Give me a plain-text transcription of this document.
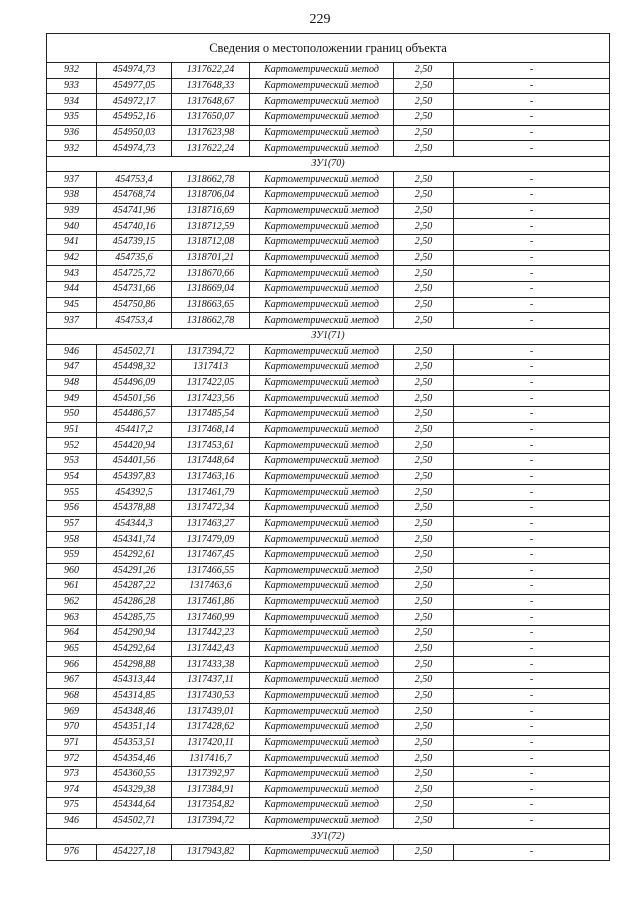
229
Сведения о местоположении границ объекта					
932	454974,73	1317622,24	Картометрический метод	2,50	-
933	454977,05	1317648,33	Картометрический метод	2,50	-
934	454972,17	1317648,67	Картометрический метод	2,50	-
935	454952,16	1317650,07	Картометрический метод	2,50	-
936	454950,03	1317623,98	Картометрический метод	2,50	-
932	454974,73	1317622,24	Картометрический метод	2,50	-
ЗУ1(70)					
937	454753,4	1318662,78	Картометрический метод	2,50	-
938	454768,74	1318706,04	Картометрический метод	2,50	-
939	454741,96	1318716,69	Картометрический метод	2,50	-
940	454740,16	1318712,59	Картометрический метод	2,50	-
941	454739,15	1318712,08	Картометрический метод	2,50	-
942	454735,6	1318701,21	Картометрический метод	2,50	-
943	454725,72	1318670,66	Картометрический метод	2,50	-
944	454731,66	1318669,04	Картометрический метод	2,50	-
945	454750,86	1318663,65	Картометрический метод	2,50	-
937	454753,4	1318662,78	Картометрический метод	2,50	-
ЗУ1(71)					
946	454502,71	1317394,72	Картометрический метод	2,50	-
947	454498,32	1317413	Картометрический метод	2,50	-
948	454496,09	1317422,05	Картометрический метод	2,50	-
949	454501,56	1317423,56	Картометрический метод	2,50	-
950	454486,57	1317485,54	Картометрический метод	2,50	-
951	454417,2	1317468,14	Картометрический метод	2,50	-
952	454420,94	1317453,61	Картометрический метод	2,50	-
953	454401,56	1317448,64	Картометрический метод	2,50	-
954	454397,83	1317463,16	Картометрический метод	2,50	-
955	454392,5	1317461,79	Картометрический метод	2,50	-
956	454378,88	1317472,34	Картометрический метод	2,50	-
957	454344,3	1317463,27	Картометрический метод	2,50	-
958	454341,74	1317479,09	Картометрический метод	2,50	-
959	454292,61	1317467,45	Картометрический метод	2,50	-
960	454291,26	1317466,55	Картометрический метод	2,50	-
961	454287,22	1317463,6	Картометрический метод	2,50	-
962	454286,28	1317461,86	Картометрический метод	2,50	-
963	454285,75	1317460,99	Картометрический метод	2,50	-
964	454290,94	1317442,23	Картометрический метод	2,50	-
965	454292,64	1317442,43	Картометрический метод	2,50	-
966	454298,88	1317433,38	Картометрический метод	2,50	-
967	454313,44	1317437,11	Картометрический метод	2,50	-
968	454314,85	1317430,53	Картометрический метод	2,50	-
969	454348,46	1317439,01	Картометрический метод	2,50	-
970	454351,14	1317428,62	Картометрический метод	2,50	-
971	454353,51	1317420,11	Картометрический метод	2,50	-
972	454354,46	1317416,7	Картометрический метод	2,50	-
973	454360,55	1317392,97	Картометрический метод	2,50	-
974	454329,38	1317384,91	Картометрический метод	2,50	-
975	454344,64	1317354,82	Картометрический метод	2,50	-
946	454502,71	1317394,72	Картометрический метод	2,50	-
ЗУ1(72)					
976	454227,18	1317943,82	Картометрический метод	2,50	-
